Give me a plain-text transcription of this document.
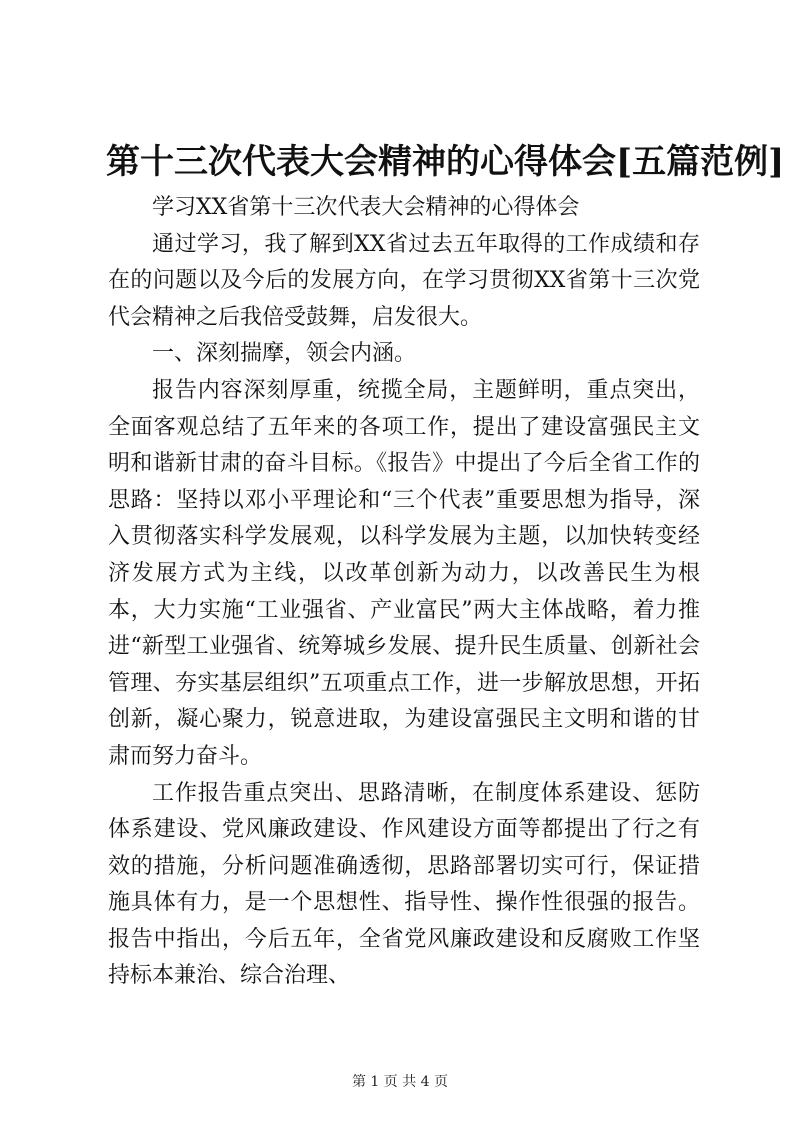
第十三次代表大会精神的心得体会[五篇范例]

学习XX省第十三次代表大会精神的心得体会

通过学习，我了解到XX省过去五年取得的工作成绩和存在的问题以及今后的发展方向，在学习贯彻XX省第十三次党代会精神之后我倍受鼓舞，启发很大。

一、深刻揣摩，领会内涵。

报告内容深刻厚重，统揽全局，主题鲜明，重点突出，全面客观总结了五年来的各项工作，提出了建设富强民主文明和谐新甘肃的奋斗目标。《报告》中提出了今后全省工作的思路：坚持以邓小平理论和“三个代表”重要思想为指导，深入贯彻落实科学发展观，以科学发展为主题，以加快转变经济发展方式为主线，以改革创新为动力，以改善民生为根本，大力实施“工业强省、产业富民”两大主体战略，着力推进“新型工业强省、统筹城乡发展、提升民生质量、创新社会管理、夯实基层组织”五项重点工作，进一步解放思想，开拓创新，凝心聚力，锐意进取，为建设富强民主文明和谐的甘肃而努力奋斗。

工作报告重点突出、思路清晰，在制度体系建设、惩防体系建设、党风廉政建设、作风建设方面等都提出了行之有效的措施，分析问题准确透彻，思路部署切实可行，保证措施具体有力，是一个思想性、指导性、操作性很强的报告。报告中指出，今后五年，全省党风廉政建设和反腐败工作坚持标本兼治、综合治理、

第 1 页 共 4 页
